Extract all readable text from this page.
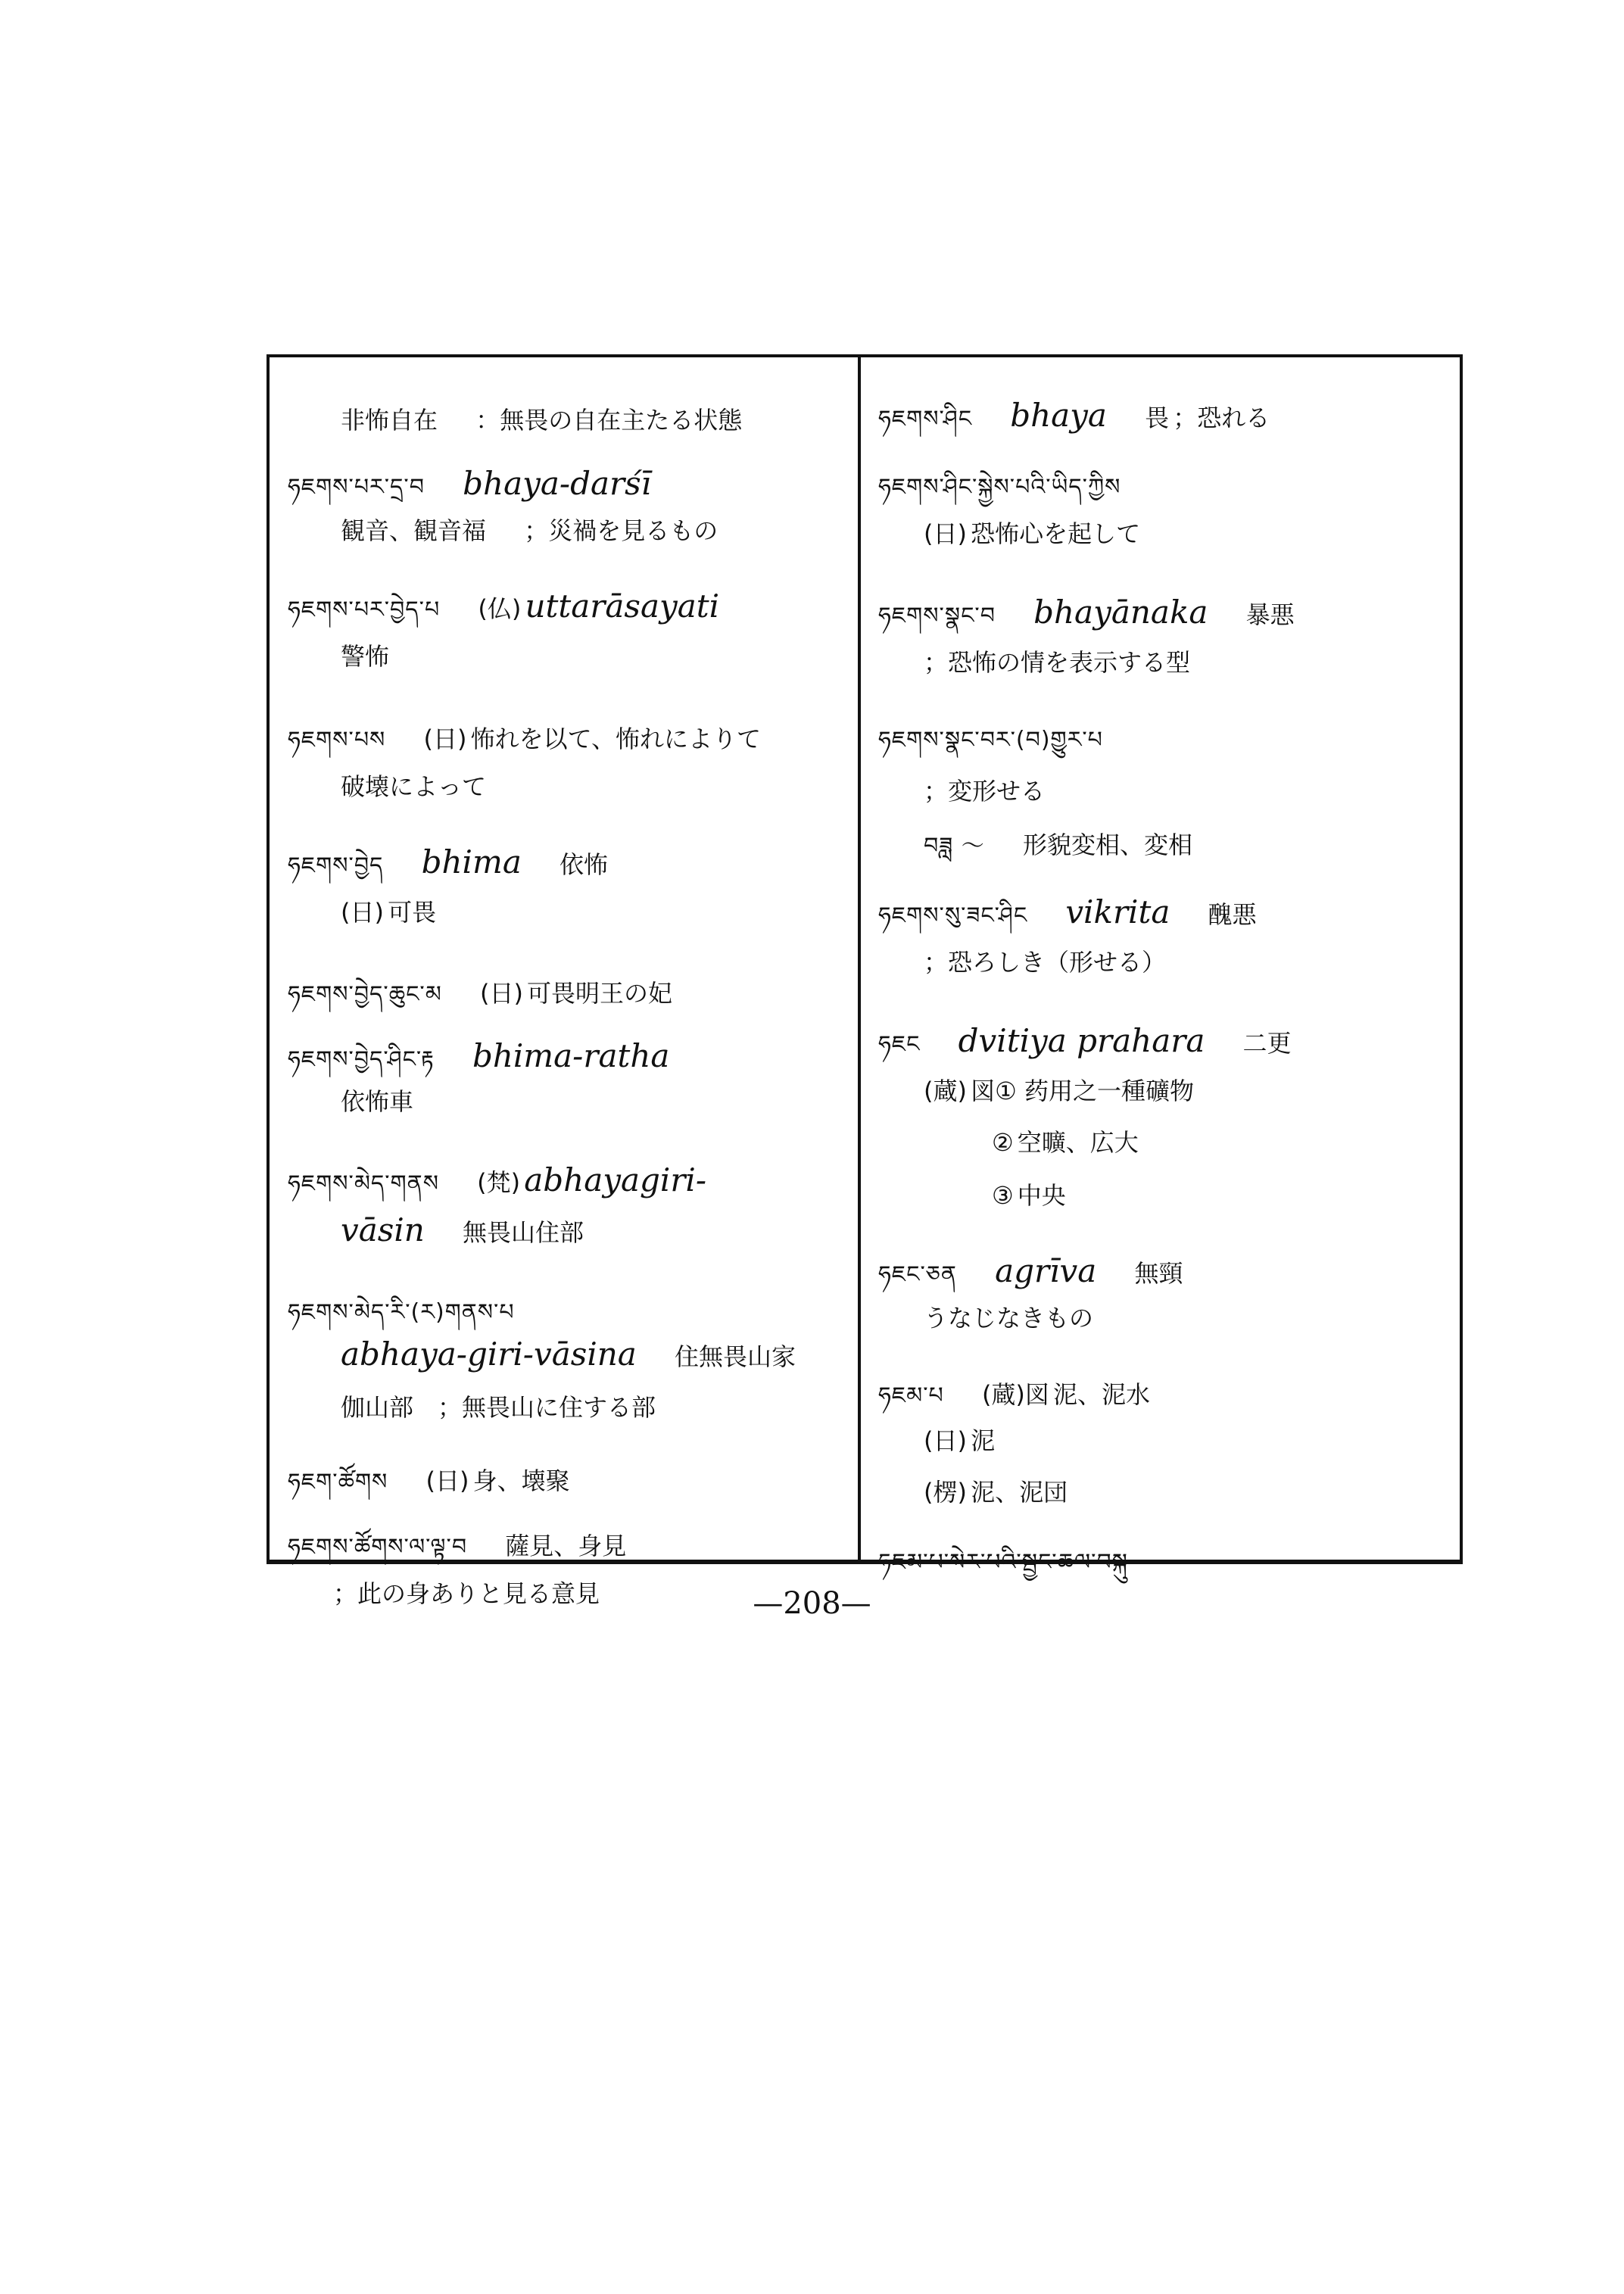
非怖自在 ：無畏の自在主たる状態
ཧཇགས་པར་དྲ་བ bhaya-darśī
観音、観音福 ；災禍を見るもの
ཧཇགས་པར་བྱེད་པ (仏) uttarāsayati
警怖
ཧཇགས་པས (日) 怖れを以て、怖れによりて
破壊によって
ཧཇགས་བྱེད bhima 依怖
(日) 可畏
ཧཇགས་བྱེད་ཆུང་མ (日) 可畏明王の妃
ཧཇགས་བྱེད་ཤིང་རྟ bhima-ratha
依怖車
ཧཇགས་མེད་གནས (梵) abhayagiri-
vāsin 無畏山住部
ཧཇགས་མེད་རི་(ར)གནས་པ
abhaya-giri-vāsina 住無畏山家
伽山部　；無畏山に住する部
ཧཇག་ཚོགས (日) 身、壊聚
ཧཇགས་ཚོགས་ལ་ལྟ་བ 薩見、身見
；此の身ありと見る意見
ཧཇགས་ཤིང bhaya 畏 ；恐れる
ཧཇགས་ཤིང་སྐྱེས་པའི་ཡིད་ཀྱིས
(日) 恐怖心を起して
ཧཇགས་སྣང་བ bhayānaka 暴悪
；恐怖の情を表示する型
ཧཇགས་སྣང་བར་(བ)གྱུར་པ
；変形せる
བཟླ ～ 形貌変相、変相
ཧཇགས་སུ་ཟང་ཤིང vikrita 醜悪
；恐ろしき（形せる）
ཧཇང dvitiya prahara 二更
(蔵) 図① 药用之一種礦物
② 空曠、広大
③ 中央
ཧཇང་ཅན agrīva 無頸
うなじなきもの
ཧཇམ་པ (蔵)図 泥、泥水
(日) 泥
(楞) 泥、泥団
ཧཇམ་པ་སེར་པའི་སྦྱང་ཆལ་བསྐུ
—208—
